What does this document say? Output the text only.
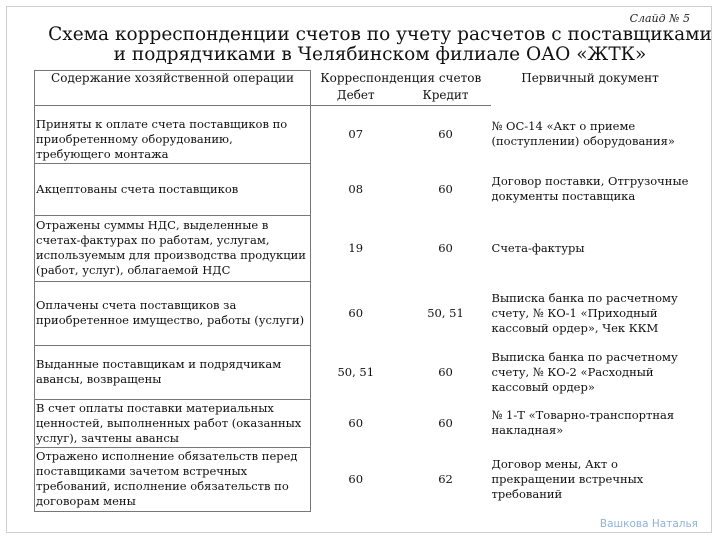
Слайд № 5
Схема корреспонденции счетов по учету расчетов с поставщиками
и подрядчиками в Челябинском филиале ОАО «ЖТК»
Содержание хозяйственной операции	Корреспонденция счетов		Первичный документ
	Дебет	Кредит	
Приняты к оплате счета поставщиков по приобретенному оборудованию, требующего монтажа	07	60	№ ОС-14 «Акт о приеме (поступлении) оборудования»
Акцептованы счета поставщиков	08	60	Договор поставки, Отгрузочные документы поставщика
Отражены суммы НДС, выделенные в счетах-фактурах по работам, услугам, используемым для производства продукции (работ, услуг), облагаемой НДС	19	60	Счета-фактуры
Оплачены счета поставщиков за приобретенное имущество, работы (услуги)	60	50, 51	Выписка банка по расчетному счету, № КО-1 «Приходный кассовый ордер», Чек ККМ
Выданные поставщикам и подрядчикам авансы, возвращены	50, 51	60	Выписка банка по расчетному счету, № КО-2 «Расходный кассовый ордер»
В счет оплаты поставки материальных ценностей, выполненных работ (оказанных услуг), зачтены авансы	60	60	№ 1-Т «Товарно-транспортная накладная»
Отражено исполнение обязательств перед поставщиками зачетом встречных требований, исполнение обязательств по договорам мены	60	62	Договор мены, Акт о прекращении встречных требований
Вашкова Наталья
